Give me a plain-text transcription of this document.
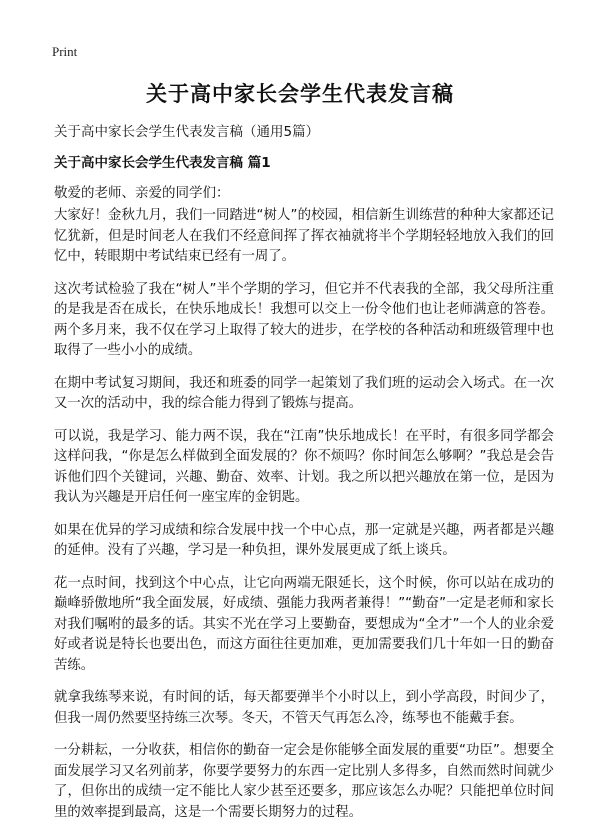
Print
关于高中家长会学生代表发言稿
关于高中家长会学生代表发言稿（通用5篇）
关于高中家长会学生代表发言稿 篇1
敬爱的老师、亲爱的同学们：

大家好！金秋九月，我们一同踏进“树人”的校园，相信新生训练营的种种大家都还记忆犹新，但是时间老人在我们不经意间挥了挥衣袖就将半个学期轻轻地放入我们的回忆中，转眼期中考试结束已经有一周了。

这次考试检验了我在“树人”半个学期的学习，但它并不代表我的全部，我父母所注重的是我是否在成长，在快乐地成长！我想可以交上一份令他们也让老师满意的答卷。两个多月来，我不仅在学习上取得了较大的进步，在学校的各种活动和班级管理中也取得了一些小小的成绩。

在期中考试复习期间，我还和班委的同学一起策划了我们班的运动会入场式。在一次又一次的活动中，我的综合能力得到了锻炼与提高。

可以说，我是学习、能力两不误，我在“江南”快乐地成长！在平时，有很多同学都会这样问我，“你是怎么样做到全面发展的？你不烦吗？你时间怎么够啊？”我总是会告诉他们四个关键词，兴趣、勤奋、效率、计划。我之所以把兴趣放在第一位，是因为我认为兴趣是开启任何一座宝库的金钥匙。

如果在优异的学习成绩和综合发展中找一个中心点，那一定就是兴趣，两者都是兴趣的延伸。没有了兴趣，学习是一种负担，课外发展更成了纸上谈兵。

花一点时间，找到这个中心点，让它向两端无限延长，这个时候，你可以站在成功的巅峰骄傲地所“我全面发展，好成绩、强能力我两者兼得！”“勤奋”一定是老师和家长对我们嘱咐的最多的话。其实不光在学习上要勤奋，要想成为“全才”一个人的业余爱好或者说是特长也要出色，而这方面往往更加难，更加需要我们几十年如一日的勤奋苦练。

就拿我练琴来说，有时间的话，每天都要弹半个小时以上，到小学高段，时间少了，但我一周仍然要坚持练三次琴。冬天，不管天气再怎么冷，练琴也不能戴手套。

一分耕耘，一分收获，相信你的勤奋一定会是你能够全面发展的重要“功臣”。想要全面发展学习又名列前茅，你要学要努力的东西一定比别人多得多，自然而然时间就少了，但你出的成绩一定不能比人家少甚至还要多，那应该怎么办呢？只能把单位时间里的效率提到最高，这是一个需要长期努力的过程。
